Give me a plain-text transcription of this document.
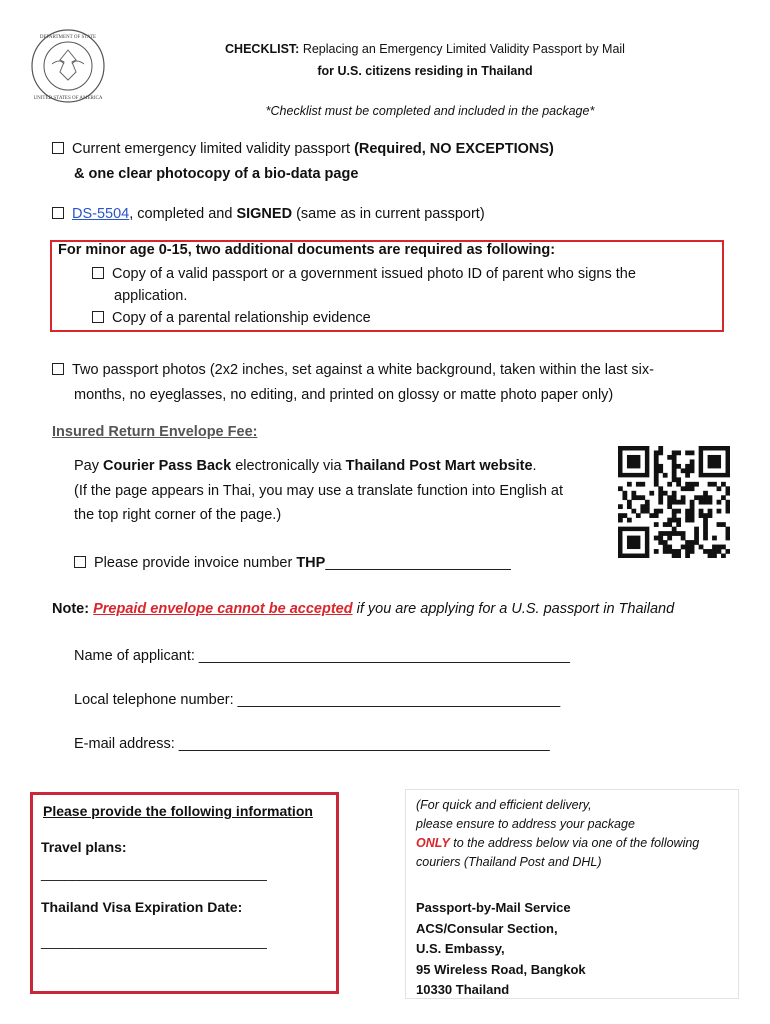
DEPARTMENT OF STATE
UNITED STATES OF AMERICA
CHECKLIST: Replacing an Emergency Limited Validity Passport by Mail
for U.S. citizens residing in Thailand
*Checklist must be completed and included in the package*
Current emergency limited validity passport (Required, NO EXCEPTIONS)
& one clear photocopy of a bio-data page
DS-5504, completed and SIGNED (same as in current passport)
For minor age 0-15, two additional documents are required as following:
Copy of a valid passport or a government issued photo ID of parent who signs the
application.
Copy of a parental relationship evidence
Two passport photos (2x2 inches, set against a white background, taken within the last six-
months, no eyeglasses, no editing, and printed on glossy or matte photo paper only)
Insured Return Envelope Fee:
Pay Courier Pass Back electronically via Thailand Post Mart website.
(If the page appears in Thai, you may use a translate function into English at
the top right corner of the page.)
Please provide invoice number THP_______________________
Note: Prepaid envelope cannot be accepted if you are applying for a U.S. passport in Thailand
Name of applicant: ______________________________________________
Local telephone number: ________________________________________
E-mail address: ______________________________________________
Please provide the following information
Travel plans:
_____________________________
Thailand Visa Expiration Date:
_____________________________
(For quick and efficient delivery,
please ensure to address your package
ONLY to the address below via one of the following
couriers (Thailand Post and DHL)
Passport-by-Mail Service
ACS/Consular Section,
U.S. Embassy,
95 Wireless Road, Bangkok
10330 Thailand
